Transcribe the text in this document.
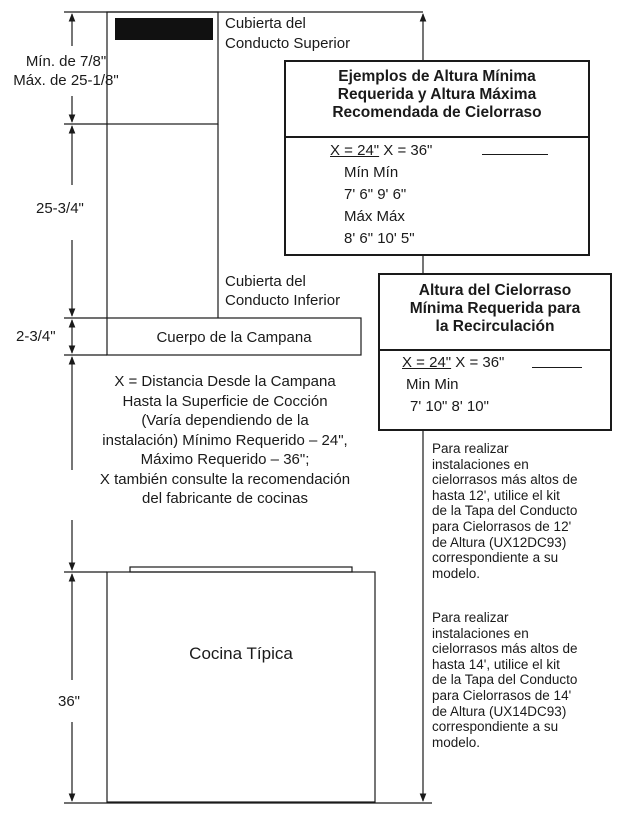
Mín. de 7/8"
Máx. de 25-1/8"
25-3/4"
2-3/4"
36"
Cubierta del
Conducto Superior
Cubierta del
Conducto Inferior
Cuerpo de la Campana
X = Distancia Desde la Campana
Hasta la Superficie de Cocción
(Varía dependiendo de la
instalación) Mínimo Requerido – 24",
Máximo Requerido – 36";
X también consulte la recomendación
del fabricante de cocinas
Cocina Típica
Ejemplos de Altura Mínima
Requerida y Altura Máxima
Recomendada de Cielorraso
X = 24" X = 36"
Mín Mín
7' 6" 9' 6"
Máx Máx
8' 6" 10' 5"
Altura del Cielorraso
Mínima Requerida para
la Recirculación
X = 24" X = 36"
Min Min
7' 10" 8' 10"
Para realizar
instalaciones en
cielorrasos más altos de
hasta 12', utilice el kit
de la Tapa del Conducto
para Cielorrasos de 12'
de Altura (UX12DC93)
correspondiente a su
modelo.
Para realizar
instalaciones en
cielorrasos más altos de
hasta 14', utilice el kit
de la Tapa del Conducto
para Cielorrasos de 14'
de Altura (UX14DC93)
correspondiente a su
modelo.
